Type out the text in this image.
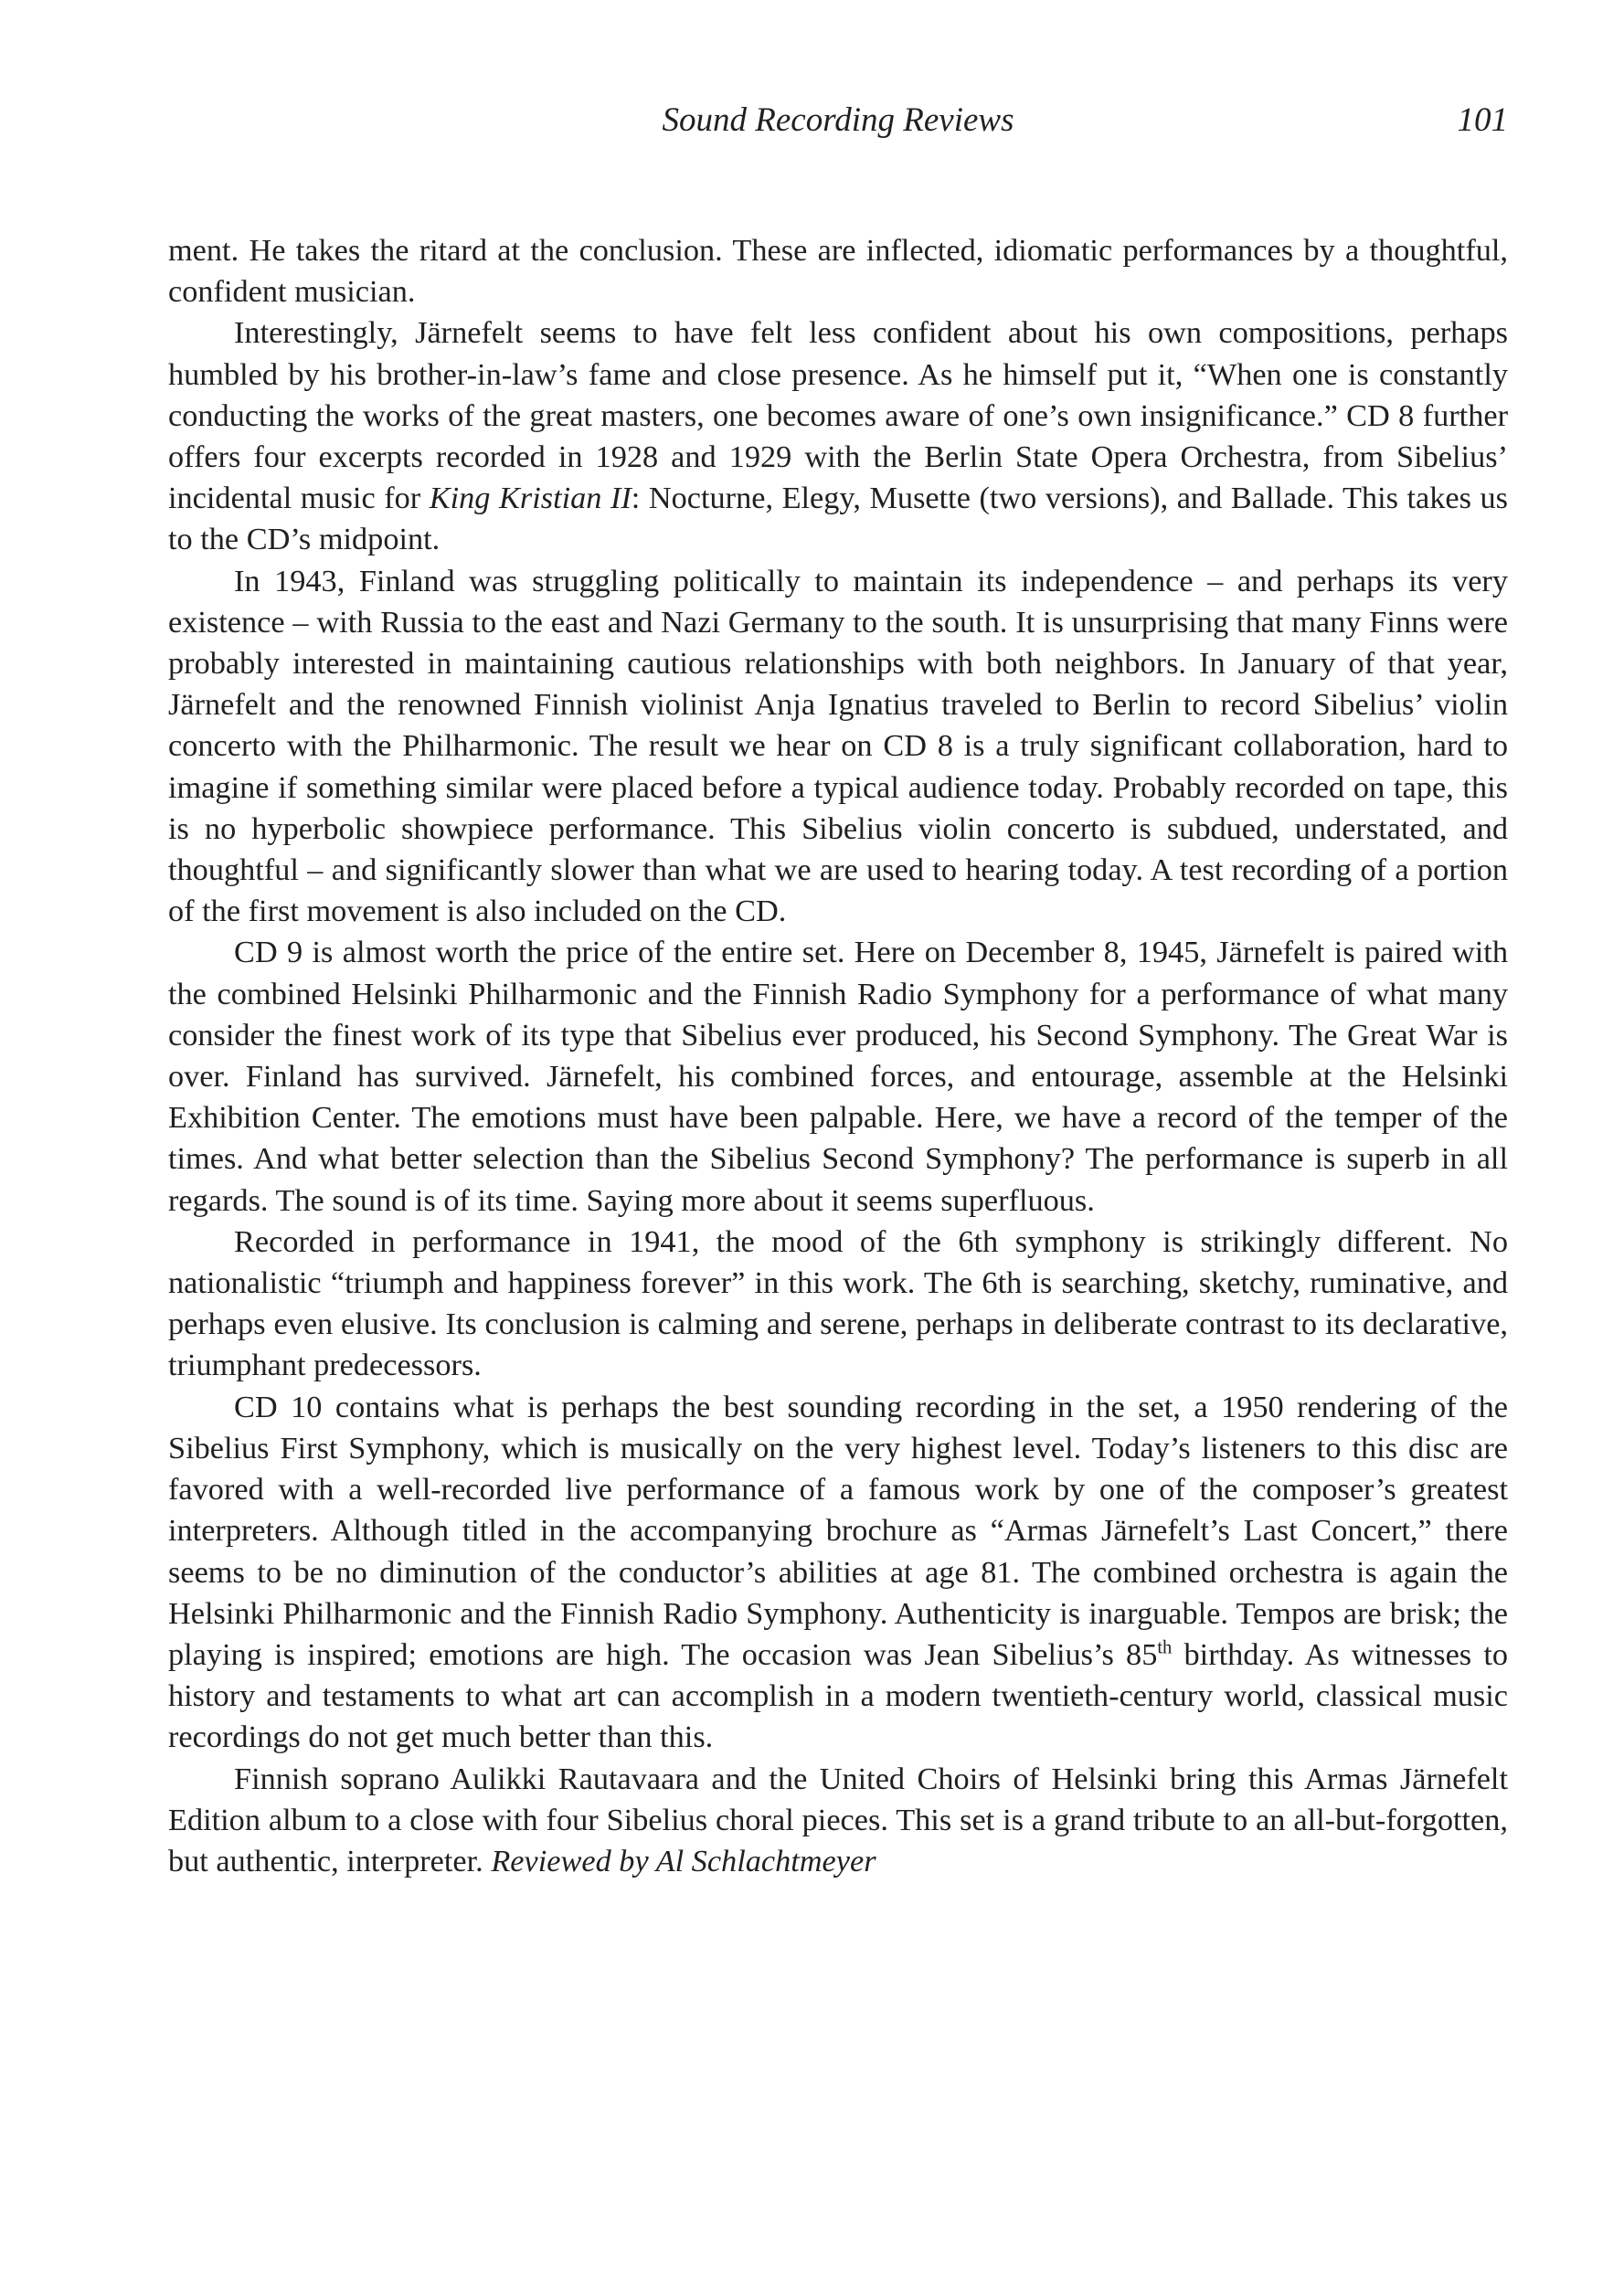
Sound Recording Reviews	101

ment. He takes the ritard at the conclusion. These are inflected, idiomatic performances by a thoughtful, confident musician.

Interestingly, Järnefelt seems to have felt less confident about his own compositions, perhaps humbled by his brother-in-law’s fame and close presence. As he himself put it, “When one is constantly conducting the works of the great masters, one becomes aware of one’s own insignificance.” CD 8 further offers four excerpts recorded in 1928 and 1929 with the Berlin State Opera Orchestra, from Sibelius’ incidental music for King Kristian II: Nocturne, Elegy, Musette (two versions), and Ballade. This takes us to the CD’s midpoint.

In 1943, Finland was struggling politically to maintain its independence – and perhaps its very existence – with Russia to the east and Nazi Germany to the south. It is unsurprising that many Finns were probably interested in maintaining cautious relationships with both neighbors. In January of that year, Järnefelt and the renowned Finnish violinist Anja Ignatius traveled to Berlin to record Sibelius’ violin concerto with the Philharmonic. The result we hear on CD 8 is a truly significant collaboration, hard to imagine if something similar were placed before a typical audience today. Probably recorded on tape, this is no hyperbolic showpiece performance. This Sibelius violin concerto is subdued, understated, and thoughtful – and significantly slower than what we are used to hearing today. A test recording of a portion of the first movement is also included on the CD.

CD 9 is almost worth the price of the entire set. Here on December 8, 1945, Järnefelt is paired with the combined Helsinki Philharmonic and the Finnish Radio Symphony for a performance of what many consider the finest work of its type that Sibelius ever produced, his Second Symphony. The Great War is over. Finland has survived. Järnefelt, his combined forces, and entourage, assemble at the Helsinki Exhibition Center. The emotions must have been palpable. Here, we have a record of the temper of the times. And what better selection than the Sibelius Second Symphony? The performance is superb in all regards. The sound is of its time. Saying more about it seems superfluous.

Recorded in performance in 1941, the mood of the 6th symphony is strikingly different. No nationalistic “triumph and happiness forever” in this work. The 6th is searching, sketchy, ruminative, and perhaps even elusive. Its conclusion is calming and serene, perhaps in deliberate contrast to its declarative, triumphant predecessors.

CD 10 contains what is perhaps the best sounding recording in the set, a 1950 rendering of the Sibelius First Symphony, which is musically on the very highest level. Today’s listeners to this disc are favored with a well-recorded live performance of a famous work by one of the composer’s greatest interpreters. Although titled in the accompanying brochure as “Armas Järnefelt’s Last Concert,” there seems to be no diminution of the conductor’s abilities at age 81. The combined orchestra is again the Helsinki Philharmonic and the Finnish Radio Symphony. Authenticity is inarguable. Tempos are brisk; the playing is inspired; emotions are high. The occasion was Jean Sibelius’s 85th birthday. As witnesses to history and testaments to what art can accomplish in a modern twentieth-century world, classical music recordings do not get much better than this.

Finnish soprano Aulikki Rautavaara and the United Choirs of Helsinki bring this Armas Järnefelt Edition album to a close with four Sibelius choral pieces. This set is a grand tribute to an all-but-forgotten, but authentic, interpreter. Reviewed by Al Schlachtmeyer
